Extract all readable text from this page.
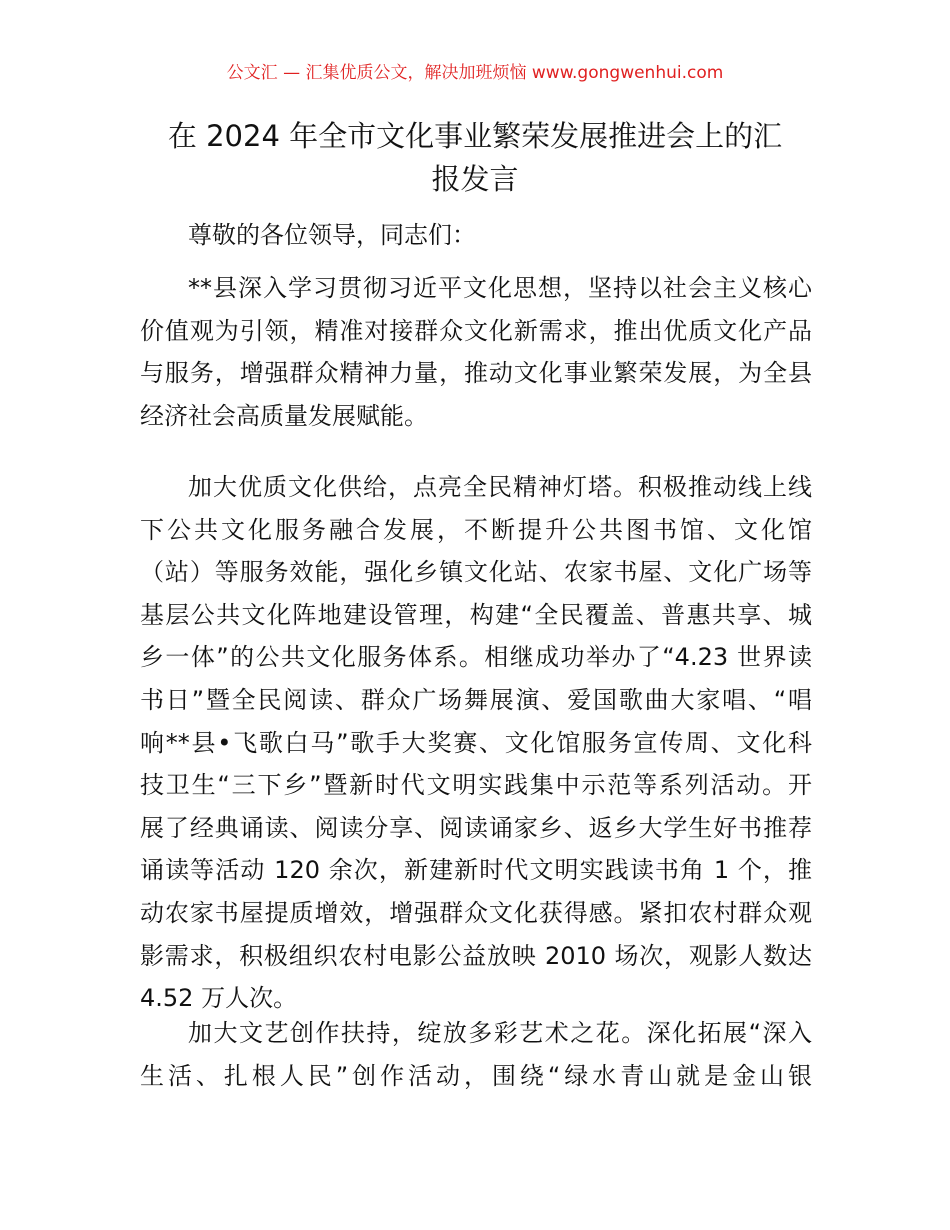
公文汇 — 汇集优质公文，解决加班烦恼 www.gongwenhui.com
在 2024 年全市文化事业繁荣发展推进会上的汇
报发言
尊敬的各位领导，同志们：
**县深入学习贯彻习近平文化思想，坚持以社会主义核心
价值观为引领，精准对接群众文化新需求，推出优质文化产品
与服务，增强群众精神力量，推动文化事业繁荣发展，为全县
经济社会高质量发展赋能。
加大优质文化供给，点亮全民精神灯塔。积极推动线上线
下公共文化服务融合发展，不断提升公共图书馆、文化馆
（站）等服务效能，强化乡镇文化站、农家书屋、文化广场等
基层公共文化阵地建设管理，构建“全民覆盖、普惠共享、城
乡一体”的公共文化服务体系。相继成功举办了“4.23 世界读
书日”暨全民阅读、群众广场舞展演、爱国歌曲大家唱、“唱
响**县•飞歌白马”歌手大奖赛、文化馆服务宣传周、文化科
技卫生“三下乡”暨新时代文明实践集中示范等系列活动。开
展了经典诵读、阅读分享、阅读诵家乡、返乡大学生好书推荐
诵读等活动 120 余次，新建新时代文明实践读书角 1 个，推
动农家书屋提质增效，增强群众文化获得感。紧扣农村群众观
影需求，积极组织农村电影公益放映 2010 场次，观影人数达
4.52 万人次。
加大文艺创作扶持，绽放多彩艺术之花。深化拓展“深入
生活、扎根人民”创作活动，围绕“绿水青山就是金山银
